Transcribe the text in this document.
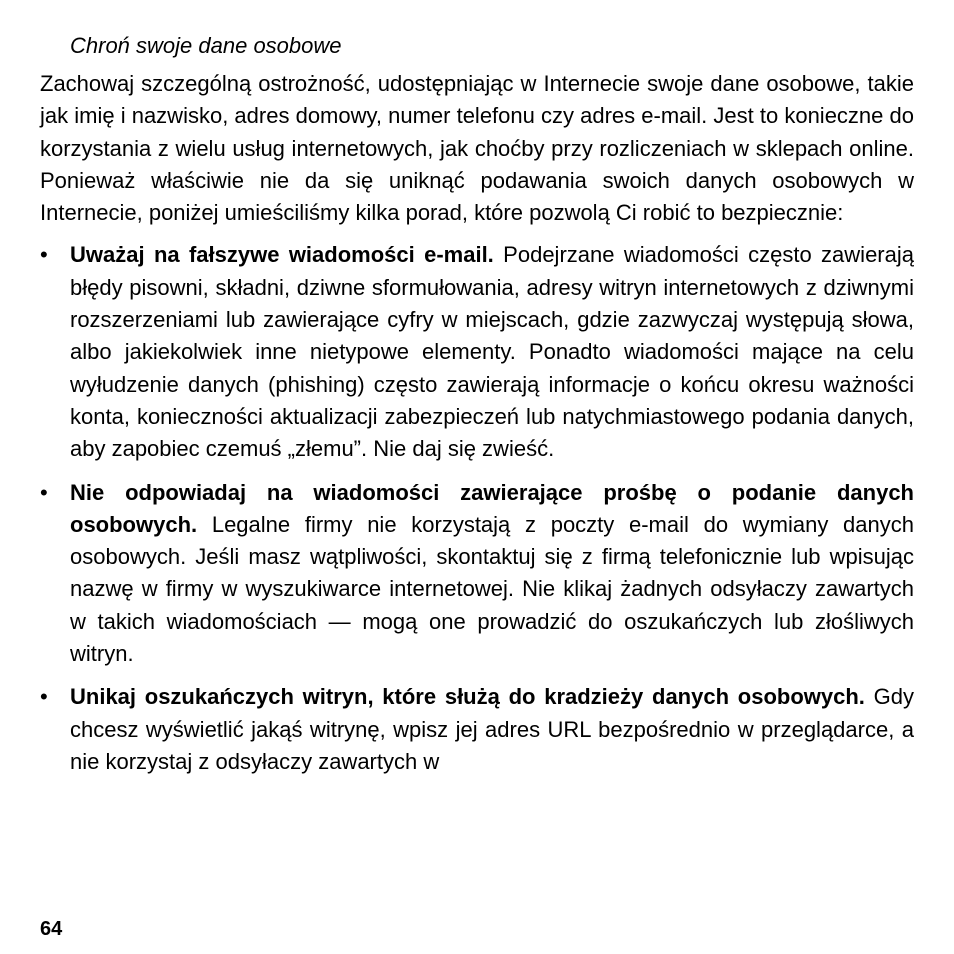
Chroń swoje dane osobowe

Zachowaj szczególną ostrożność, udostępniając w Internecie swoje dane osobowe, takie jak imię i nazwisko, adres domowy, numer telefonu czy adres e-mail. Jest to konieczne do korzystania z wielu usług internetowych, jak choćby przy rozliczeniach w sklepach online. Ponieważ właściwie nie da się uniknąć podawania swoich danych osobowych w Internecie, poniżej umieściliśmy kilka porad, które pozwolą Ci robić to bezpiecznie:

• Uważaj na fałszywe wiadomości e-mail. Podejrzane wiadomości często zawierają błędy pisowni, składni, dziwne sformułowania, adresy witryn internetowych z dziwnymi rozszerzeniami lub zawierające cyfry w miejscach, gdzie zazwyczaj występują słowa, albo jakiekolwiek inne nietypowe elementy. Ponadto wiadomości mające na celu wyłudzenie danych (phishing) często zawierają informacje o końcu okresu ważności konta, konieczności aktualizacji zabezpieczeń lub natychmiastowego podania danych, aby zapobiec czemuś „złemu”. Nie daj się zwieść.
• Nie odpowiadaj na wiadomości zawierające prośbę o podanie danych osobowych. Legalne firmy nie korzystają z poczty e-mail do wymiany danych osobowych. Jeśli masz wątpliwości, skontaktuj się z firmą telefonicznie lub wpisując nazwę w firmy w wyszukiwarce internetowej. Nie klikaj żadnych odsyłaczy zawartych w takich wiadomościach — mogą one prowadzić do oszukańczych lub złośliwych witryn.
• Unikaj oszukańczych witryn, które służą do kradzieży danych osobowych. Gdy chcesz wyświetlić jakąś witrynę, wpisz jej adres URL bezpośrednio w przeglądarce, a nie korzystaj z odsyłaczy zawartych w
64
